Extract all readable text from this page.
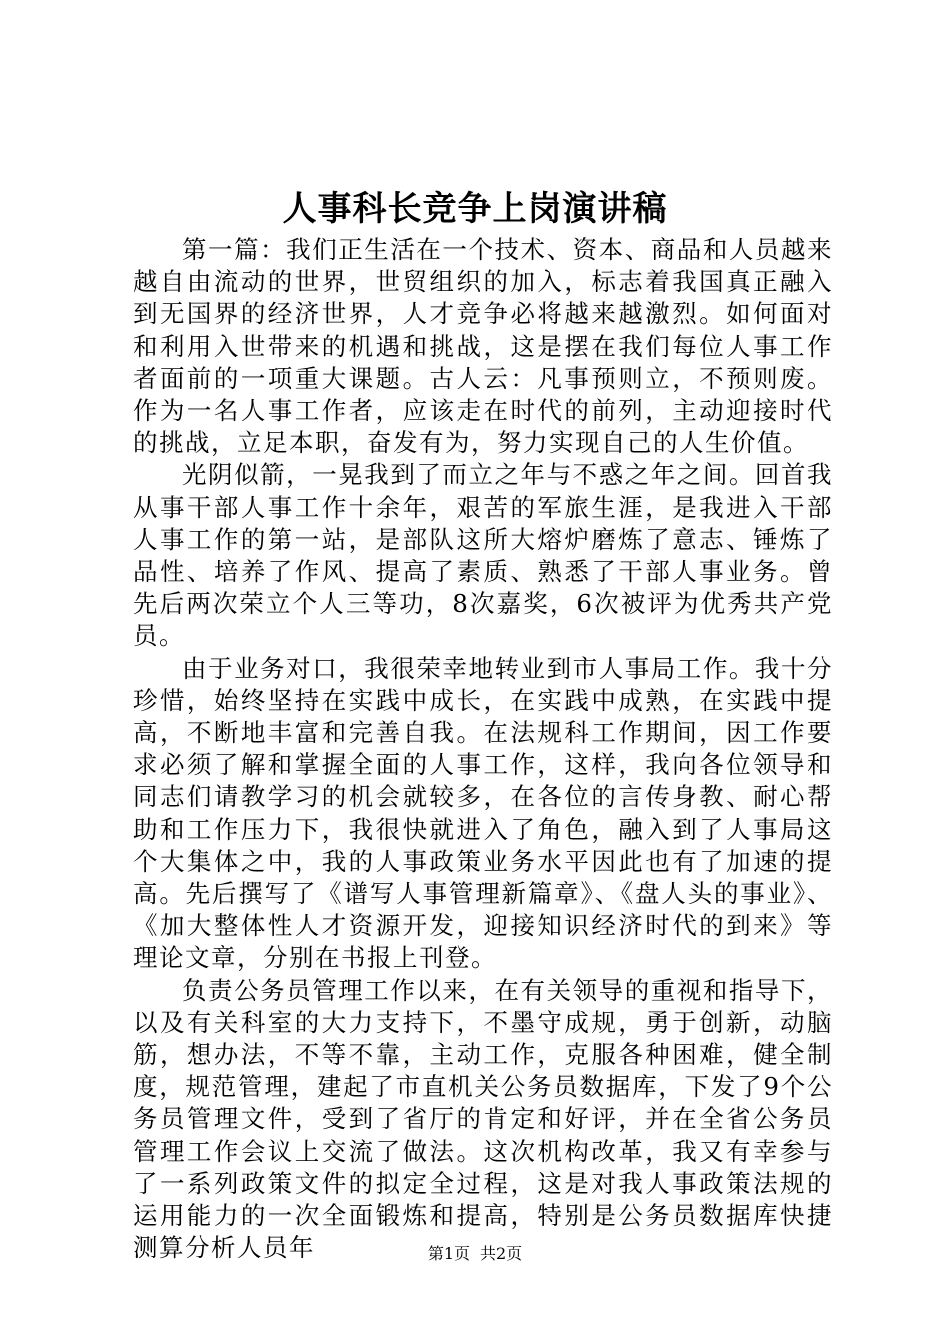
人事科长竞争上岗演讲稿

第一篇：我们正生活在一个技术、资本、商品和人员越来越自由流动的世界，世贸组织的加入，标志着我国真正融入到无国界的经济世界，人才竞争必将越来越激烈。如何面对和利用入世带来的机遇和挑战，这是摆在我们每位人事工作者面前的一项重大课题。古人云：凡事预则立，不预则废。作为一名人事工作者，应该走在时代的前列，主动迎接时代的挑战，立足本职，奋发有为，努力实现自己的人生价值。

光阴似箭，一晃我到了而立之年与不惑之年之间。回首我从事干部人事工作十余年，艰苦的军旅生涯，是我进入干部人事工作的第一站，是部队这所大熔炉磨炼了意志、锤炼了品性、培养了作风、提高了素质、熟悉了干部人事业务。曾先后两次荣立个人三等功，8次嘉奖，6次被评为优秀共产党员。

由于业务对口，我很荣幸地转业到市人事局工作。我十分珍惜，始终坚持在实践中成长，在实践中成熟，在实践中提高，不断地丰富和完善自我。在法规科工作期间，因工作要求必须了解和掌握全面的人事工作，这样，我向各位领导和同志们请教学习的机会就较多，在各位的言传身教、耐心帮助和工作压力下，我很快就进入了角色，融入到了人事局这个大集体之中，我的人事政策业务水平因此也有了加速的提高。先后撰写了《谱写人事管理新篇章》、《盘人头的事业》、《加大整体性人才资源开发，迎接知识经济时代的到来》等理论文章，分别在书报上刊登。

负责公务员管理工作以来，在有关领导的重视和指导下，以及有关科室的大力支持下，不墨守成规，勇于创新，动脑筋，想办法，不等不靠，主动工作，克服各种困难，健全制度，规范管理，建起了市直机关公务员数据库，下发了9个公务员管理文件，受到了省厅的肯定和好评，并在全省公务员管理工作会议上交流了做法。这次机构改革，我又有幸参与了一系列政策文件的拟定全过程，这是对我人事政策法规的运用能力的一次全面锻炼和提高，特别是公务员数据库快捷测算分析人员年	第1页 共2页
